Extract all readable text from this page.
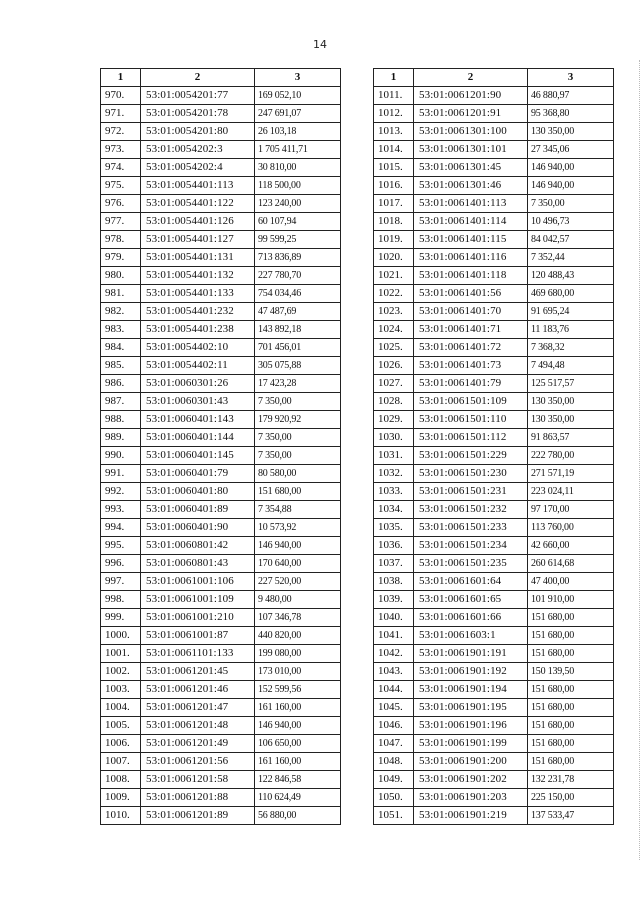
14
1	2	3
970.	53:01:0054201:77	169 052,10
971.	53:01:0054201:78	247 691,07
972.	53:01:0054201:80	26 103,18
973.	53:01:0054202:3	1 705 411,71
974.	53:01:0054202:4	30 810,00
975.	53:01:0054401:113	118 500,00
976.	53:01:0054401:122	123 240,00
977.	53:01:0054401:126	60 107,94
978.	53:01:0054401:127	99 599,25
979.	53:01:0054401:131	713 836,89
980.	53:01:0054401:132	227 780,70
981.	53:01:0054401:133	754 034,46
982.	53:01:0054401:232	47 487,69
983.	53:01:0054401:238	143 892,18
984.	53:01:0054402:10	701 456,01
985.	53:01:0054402:11	305 075,88
986.	53:01:0060301:26	17 423,28
987.	53:01:0060301:43	7 350,00
988.	53:01:0060401:143	179 920,92
989.	53:01:0060401:144	7 350,00
990.	53:01:0060401:145	7 350,00
991.	53:01:0060401:79	80 580,00
992.	53:01:0060401:80	151 680,00
993.	53:01:0060401:89	7 354,88
994.	53:01:0060401:90	10 573,92
995.	53:01:0060801:42	146 940,00
996.	53:01:0060801:43	170 640,00
997.	53:01:0061001:106	227 520,00
998.	53:01:0061001:109	9 480,00
999.	53:01:0061001:210	107 346,78
1000.	53:01:0061001:87	440 820,00
1001.	53:01:0061101:133	199 080,00
1002.	53:01:0061201:45	173 010,00
1003.	53:01:0061201:46	152 599,56
1004.	53:01:0061201:47	161 160,00
1005.	53:01:0061201:48	146 940,00
1006.	53:01:0061201:49	106 650,00
1007.	53:01:0061201:56	161 160,00
1008.	53:01:0061201:58	122 846,58
1009.	53:01:0061201:88	110 624,49
1010.	53:01:0061201:89	56 880,00
1	2	3
1011.	53:01:0061201:90	46 880,97
1012.	53:01:0061201:91	95 368,80
1013.	53:01:0061301:100	130 350,00
1014.	53:01:0061301:101	27 345,06
1015.	53:01:0061301:45	146 940,00
1016.	53:01:0061301:46	146 940,00
1017.	53:01:0061401:113	7 350,00
1018.	53:01:0061401:114	10 496,73
1019.	53:01:0061401:115	84 042,57
1020.	53:01:0061401:116	7 352,44
1021.	53:01:0061401:118	120 488,43
1022.	53:01:0061401:56	469 680,00
1023.	53:01:0061401:70	91 695,24
1024.	53:01:0061401:71	11 183,76
1025.	53:01:0061401:72	7 368,32
1026.	53:01:0061401:73	7 494,48
1027.	53:01:0061401:79	125 517,57
1028.	53:01:0061501:109	130 350,00
1029.	53:01:0061501:110	130 350,00
1030.	53:01:0061501:112	91 863,57
1031.	53:01:0061501:229	222 780,00
1032.	53:01:0061501:230	271 571,19
1033.	53:01:0061501:231	223 024,11
1034.	53:01:0061501:232	97 170,00
1035.	53:01:0061501:233	113 760,00
1036.	53:01:0061501:234	42 660,00
1037.	53:01:0061501:235	260 614,68
1038.	53:01:0061601:64	47 400,00
1039.	53:01:0061601:65	101 910,00
1040.	53:01:0061601:66	151 680,00
1041.	53:01:0061603:1	151 680,00
1042.	53:01:0061901:191	151 680,00
1043.	53:01:0061901:192	150 139,50
1044.	53:01:0061901:194	151 680,00
1045.	53:01:0061901:195	151 680,00
1046.	53:01:0061901:196	151 680,00
1047.	53:01:0061901:199	151 680,00
1048.	53:01:0061901:200	151 680,00
1049.	53:01:0061901:202	132 231,78
1050.	53:01:0061901:203	225 150,00
1051.	53:01:0061901:219	137 533,47
